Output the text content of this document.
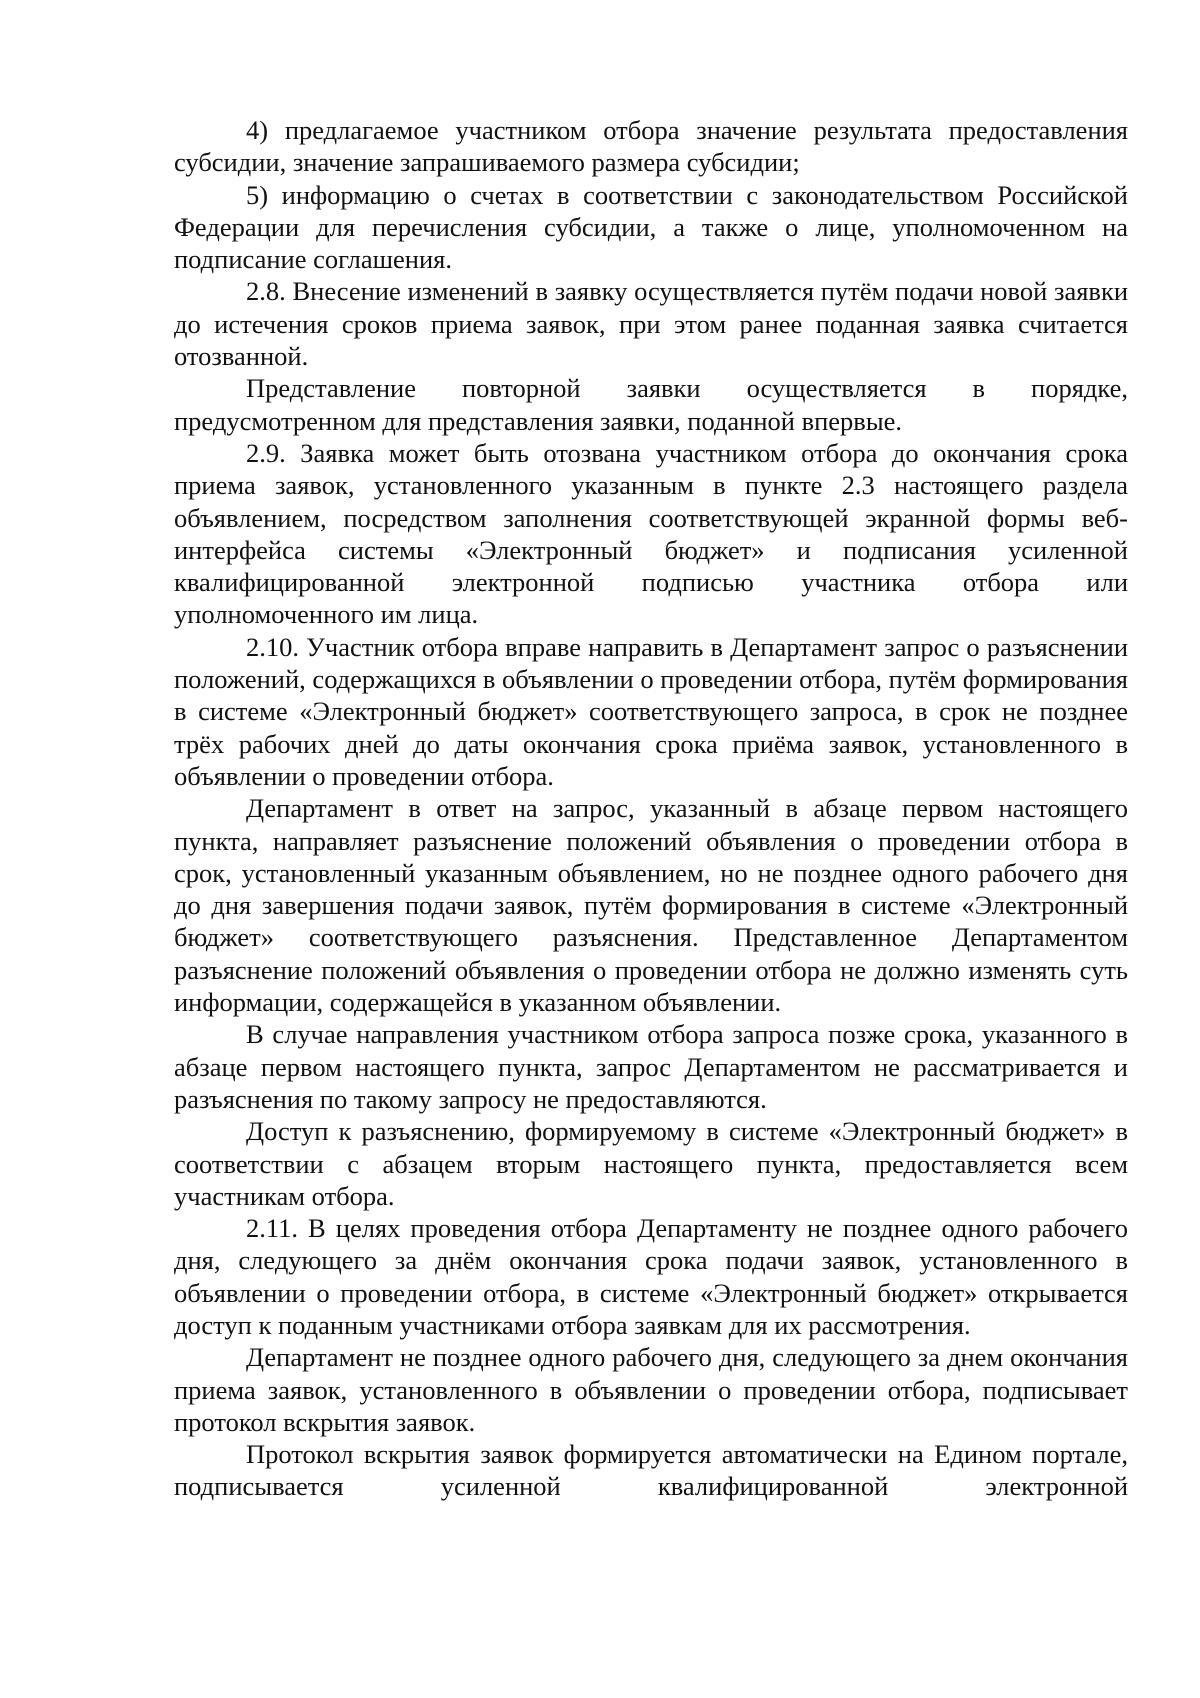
4) предлагаемое участником отбора значение результата предоставления субсидии, значение запрашиваемого размера субсидии;

5) информацию о счетах в соответствии с законодательством Российской Федерации для перечисления субсидии, а также о лице, уполномоченном на подписание соглашения.

2.8. Внесение изменений в заявку осуществляется путём подачи новой заявки до истечения сроков приема заявок, при этом ранее поданная заявка считается отозванной.

Представление повторной заявки осуществляется в порядке, предусмотренном для представления заявки, поданной впервые.

2.9. Заявка может быть отозвана участником отбора до окончания срока приема заявок, установленного указанным в пункте 2.3 настоящего раздела объявлением, посредством заполнения соответствующей экранной формы веб-интерфейса системы «Электронный бюджет» и подписания усиленной квалифицированной электронной подписью участника отбора или уполномоченного им лица.

2.10. Участник отбора вправе направить в Департамент запрос о разъяснении положений, содержащихся в объявлении о проведении отбора, путём формирования в системе «Электронный бюджет» соответствующего запроса, в срок не позднее трёх рабочих дней до даты окончания срока приёма заявок, установленного в объявлении о проведении отбора.

Департамент в ответ на запрос, указанный в абзаце первом настоящего пункта, направляет разъяснение положений объявления о проведении отбора в срок, установленный указанным объявлением, но не позднее одного рабочего дня до дня завершения подачи заявок, путём формирования в системе «Электронный бюджет» соответствующего разъяснения. Представленное Департаментом разъяснение положений объявления о проведении отбора не должно изменять суть информации, содержащейся в указанном объявлении.

В случае направления участником отбора запроса позже срока, указанного в абзаце первом настоящего пункта, запрос Департаментом не рассматривается и разъяснения по такому запросу не предоставляются.

Доступ к разъяснению, формируемому в системе «Электронный бюджет» в соответствии с абзацем вторым настоящего пункта, предоставляется всем участникам отбора.

2.11. В целях проведения отбора Департаменту не позднее одного рабочего дня, следующего за днём окончания срока подачи заявок, установленного в объявлении о проведении отбора, в системе «Электронный бюджет» открывается доступ к поданным участниками отбора заявкам для их рассмотрения.

Департамент не позднее одного рабочего дня, следующего за днем окончания приема заявок, установленного в объявлении о проведении отбора, подписывает протокол вскрытия заявок.

Протокол вскрытия заявок формируется автоматически на Едином портале, подписывается усиленной квалифицированной электронной
